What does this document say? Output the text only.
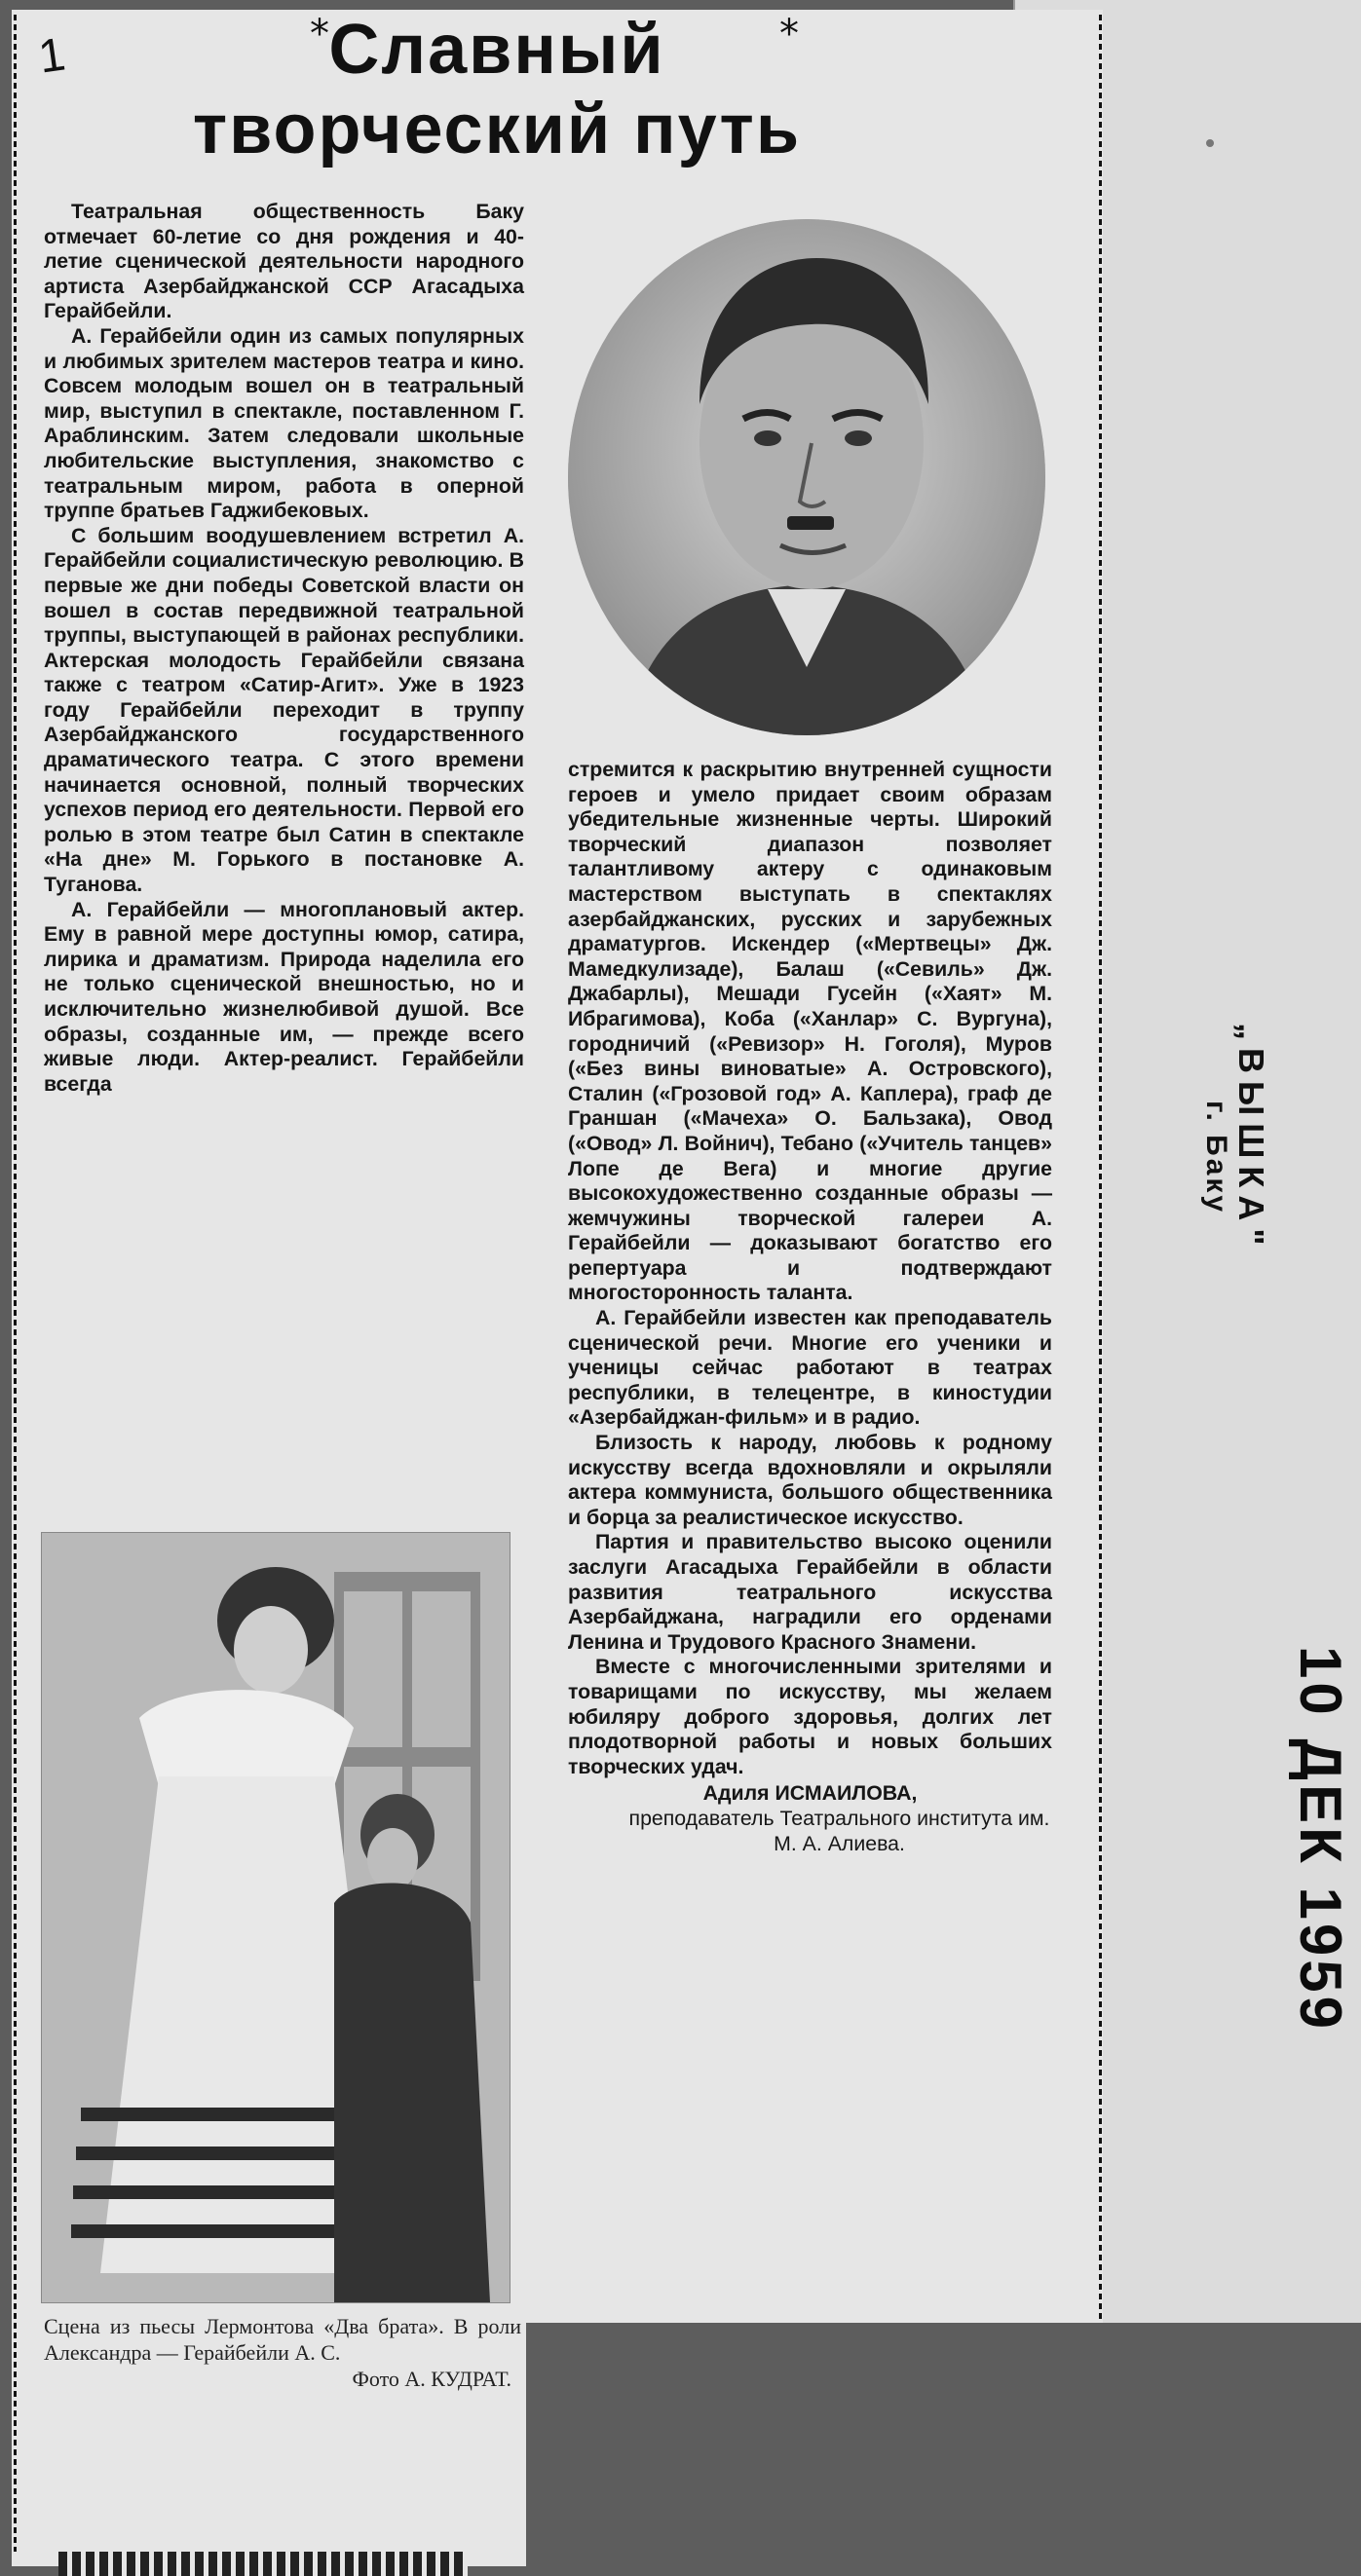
1	*	*
Славный
творческий путь

Театральная общественность Баку отмечает 60-летие со дня рождения и 40-летие сценической деятельности народного артиста Азербайджанской ССР Агасадыха Герайбейли.

А. Герайбейли один из самых популярных и любимых зрителем мастеров театра и кино. Совсем молодым вошел он в театральный мир, выступил в спектакле, поставленном Г. Араблинским. Затем следовали школьные любительские выступления, знакомство с театральным миром, работа в оперной труппе братьев Гаджибековых.

С большим воодушевлением встретил А. Герайбейли социалистическую революцию. В первые же дни победы Советской власти он вошел в состав передвижной театральной труппы, выступающей в районах республики. Актерская молодость Герайбейли связана также с театром «Сатир-Агит». Уже в 1923 году Герайбейли переходит в труппу Азербайджанского государственного драматического театра. С этого времени начинается основной, полный творческих успехов период его деятельности. Первой его ролью в этом театре был Сатин в спектакле «На дне» М. Горького в постановке А. Туганова.

А. Герайбейли — многоплановый актер. Ему в равной мере доступны юмор, сатира, лирика и драматизм. Природа наделила его не только сценической внешностью, но и исключительно жизнелюбивой душой. Все образы, созданные им, — прежде всего живые люди. Актер-реалист. Герайбейли всегда

стремится к раскрытию внутренней сущности героев и умело придает своим образам убедительные жизненные черты. Широкий творческий диапазон позволяет талантливому актеру с одинаковым мастерством выступать в спектаклях азербайджанских, русских и зарубежных драматургов. Искендер («Мертвецы» Дж. Мамедкулизаде), Балаш («Севиль» Дж. Джабарлы), Мешади Гусейн («Хаят» М. Ибрагимова), Коба («Ханлар» С. Вургуна), городничий («Ревизор» Н. Гоголя), Муров («Без вины виноватые» А. Островского), Сталин («Грозовой год» А. Каплера), граф де Граншан («Мачеха» О. Бальзака), Овод («Овод» Л. Войнич), Тебано («Учитель танцев» Лопе де Вега) и многие другие высокохудожественно созданные образы — жемчужины творческой галереи А. Герайбейли — доказывают богатство его репертуара и подтверждают многосторонность таланта.

А. Герайбейли известен как преподаватель сценической речи. Многие его ученики и ученицы сейчас работают в театрах республики, в телецентре, в киностудии «Азербайджан-фильм» и в радио.

Близость к народу, любовь к родному искусству всегда вдохновляли и окрыляли актера коммуниста, большого общественника и борца за реалистическое искусство.

Партия и правительство высоко оценили заслуги Агасадыха Герайбейли в области развития театрального искусства Азербайджана, наградили его орденами Ленина и Трудового Красного Знамени.

Вместе с многочисленными зрителями и товарищами по искусству, мы желаем юбиляру доброго здоровья, долгих лет плодотворной работы и новых больших творческих удач.

Адиля ИСМАИЛОВА,
преподаватель Театрального института им. М. А. Алиева.
Сцена из пьесы Лермонтова «Два брата». В роли Александра — Герайбейли А. С.
Фото А. КУДРАТ.
„ВЫШКА"
г. Баку
10 ДЕК 1959
